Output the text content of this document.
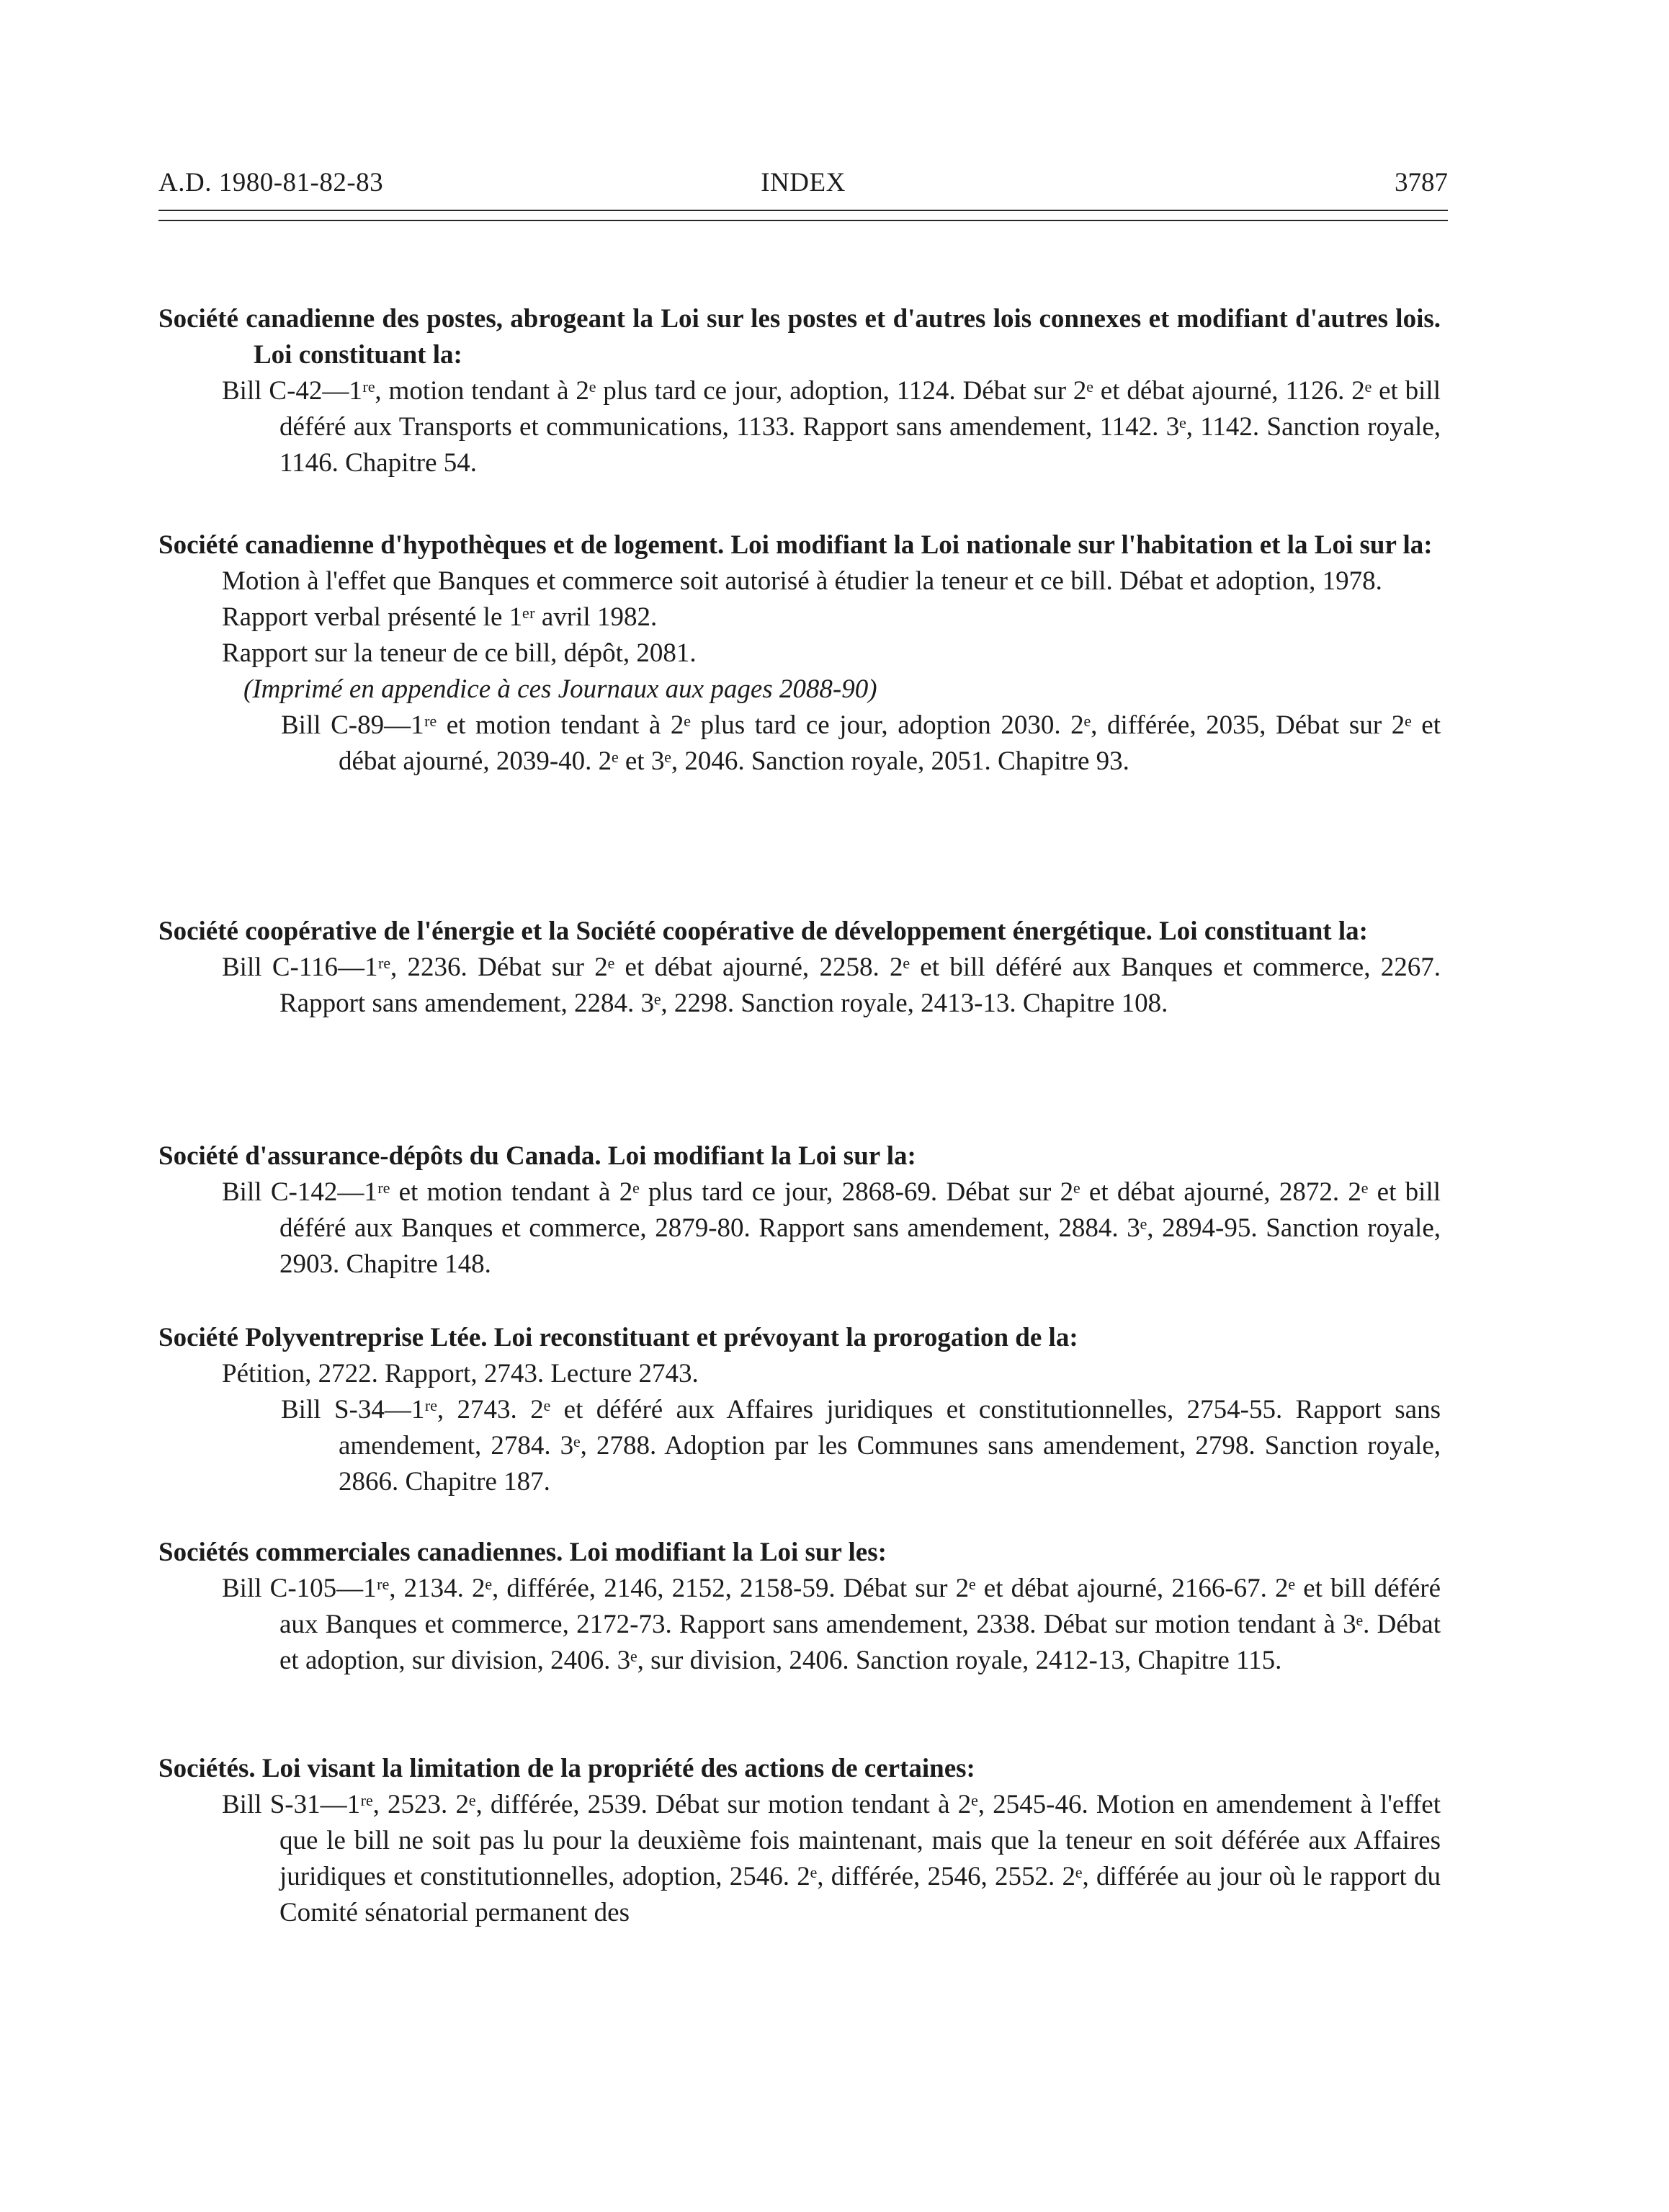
A.D. 1980-81-82-83	INDEX	3787

Société canadienne des postes, abrogeant la Loi sur les postes et d'autres lois connexes et modifiant d'autres lois. Loi constituant la:

Bill C-42—1ʳᵉ, motion tendant à 2ᵉ plus tard ce jour, adoption, 1124. Débat sur 2ᵉ et débat ajourné, 1126. 2ᵉ et bill déféré aux Transports et communications, 1133. Rapport sans amendement, 1142. 3ᵉ, 1142. Sanction royale, 1146. Chapitre 54.

Société canadienne d'hypothèques et de logement. Loi modifiant la Loi nationale sur l'habitation et la Loi sur la:

Motion à l'effet que Banques et commerce soit autorisé à étudier la teneur et ce bill. Débat et adoption, 1978.

Rapport verbal présenté le 1ᵉʳ avril 1982.

Rapport sur la teneur de ce bill, dépôt, 2081.

(Imprimé en appendice à ces Journaux aux pages 2088-90)

Bill C-89—1ʳᵉ et motion tendant à 2ᵉ plus tard ce jour, adoption 2030. 2ᵉ, différée, 2035, Débat sur 2ᵉ et débat ajourné, 2039-40. 2ᵉ et 3ᵉ, 2046. Sanction royale, 2051. Chapitre 93.

Société coopérative de l'énergie et la Société coopérative de développement énergétique. Loi constituant la:

Bill C-116—1ʳᵉ, 2236. Débat sur 2ᵉ et débat ajourné, 2258. 2ᵉ et bill déféré aux Banques et commerce, 2267. Rapport sans amendement, 2284. 3ᵉ, 2298. Sanction royale, 2413-13. Chapitre 108.

Société d'assurance-dépôts du Canada. Loi modifiant la Loi sur la:

Bill C-142—1ʳᵉ et motion tendant à 2ᵉ plus tard ce jour, 2868-69. Débat sur 2ᵉ et débat ajourné, 2872. 2ᵉ et bill déféré aux Banques et commerce, 2879-80. Rapport sans amendement, 2884. 3ᵉ, 2894-95. Sanction royale, 2903. Chapitre 148.

Société Polyventreprise Ltée. Loi reconstituant et prévoyant la prorogation de la:

Pétition, 2722. Rapport, 2743. Lecture 2743.

Bill S-34—1ʳᵉ, 2743. 2ᵉ et déféré aux Affaires juridiques et constitutionnelles, 2754-55. Rapport sans amendement, 2784. 3ᵉ, 2788. Adoption par les Communes sans amendement, 2798. Sanction royale, 2866. Chapitre 187.

Sociétés commerciales canadiennes. Loi modifiant la Loi sur les:

Bill C-105—1ʳᵉ, 2134. 2ᵉ, différée, 2146, 2152, 2158-59. Débat sur 2ᵉ et débat ajourné, 2166-67. 2ᵉ et bill déféré aux Banques et commerce, 2172-73. Rapport sans amendement, 2338. Débat sur motion tendant à 3ᵉ. Débat et adoption, sur division, 2406. 3ᵉ, sur division, 2406. Sanction royale, 2412-13, Chapitre 115.

Sociétés. Loi visant la limitation de la propriété des actions de certaines:

Bill S-31—1ʳᵉ, 2523. 2ᵉ, différée, 2539. Débat sur motion tendant à 2ᵉ, 2545-46. Motion en amendement à l'effet que le bill ne soit pas lu pour la deuxième fois maintenant, mais que la teneur en soit déférée aux Affaires juridiques et constitutionnelles, adoption, 2546. 2ᵉ, différée, 2546, 2552. 2ᵉ, différée au jour où le rapport du Comité sénatorial permanent des
